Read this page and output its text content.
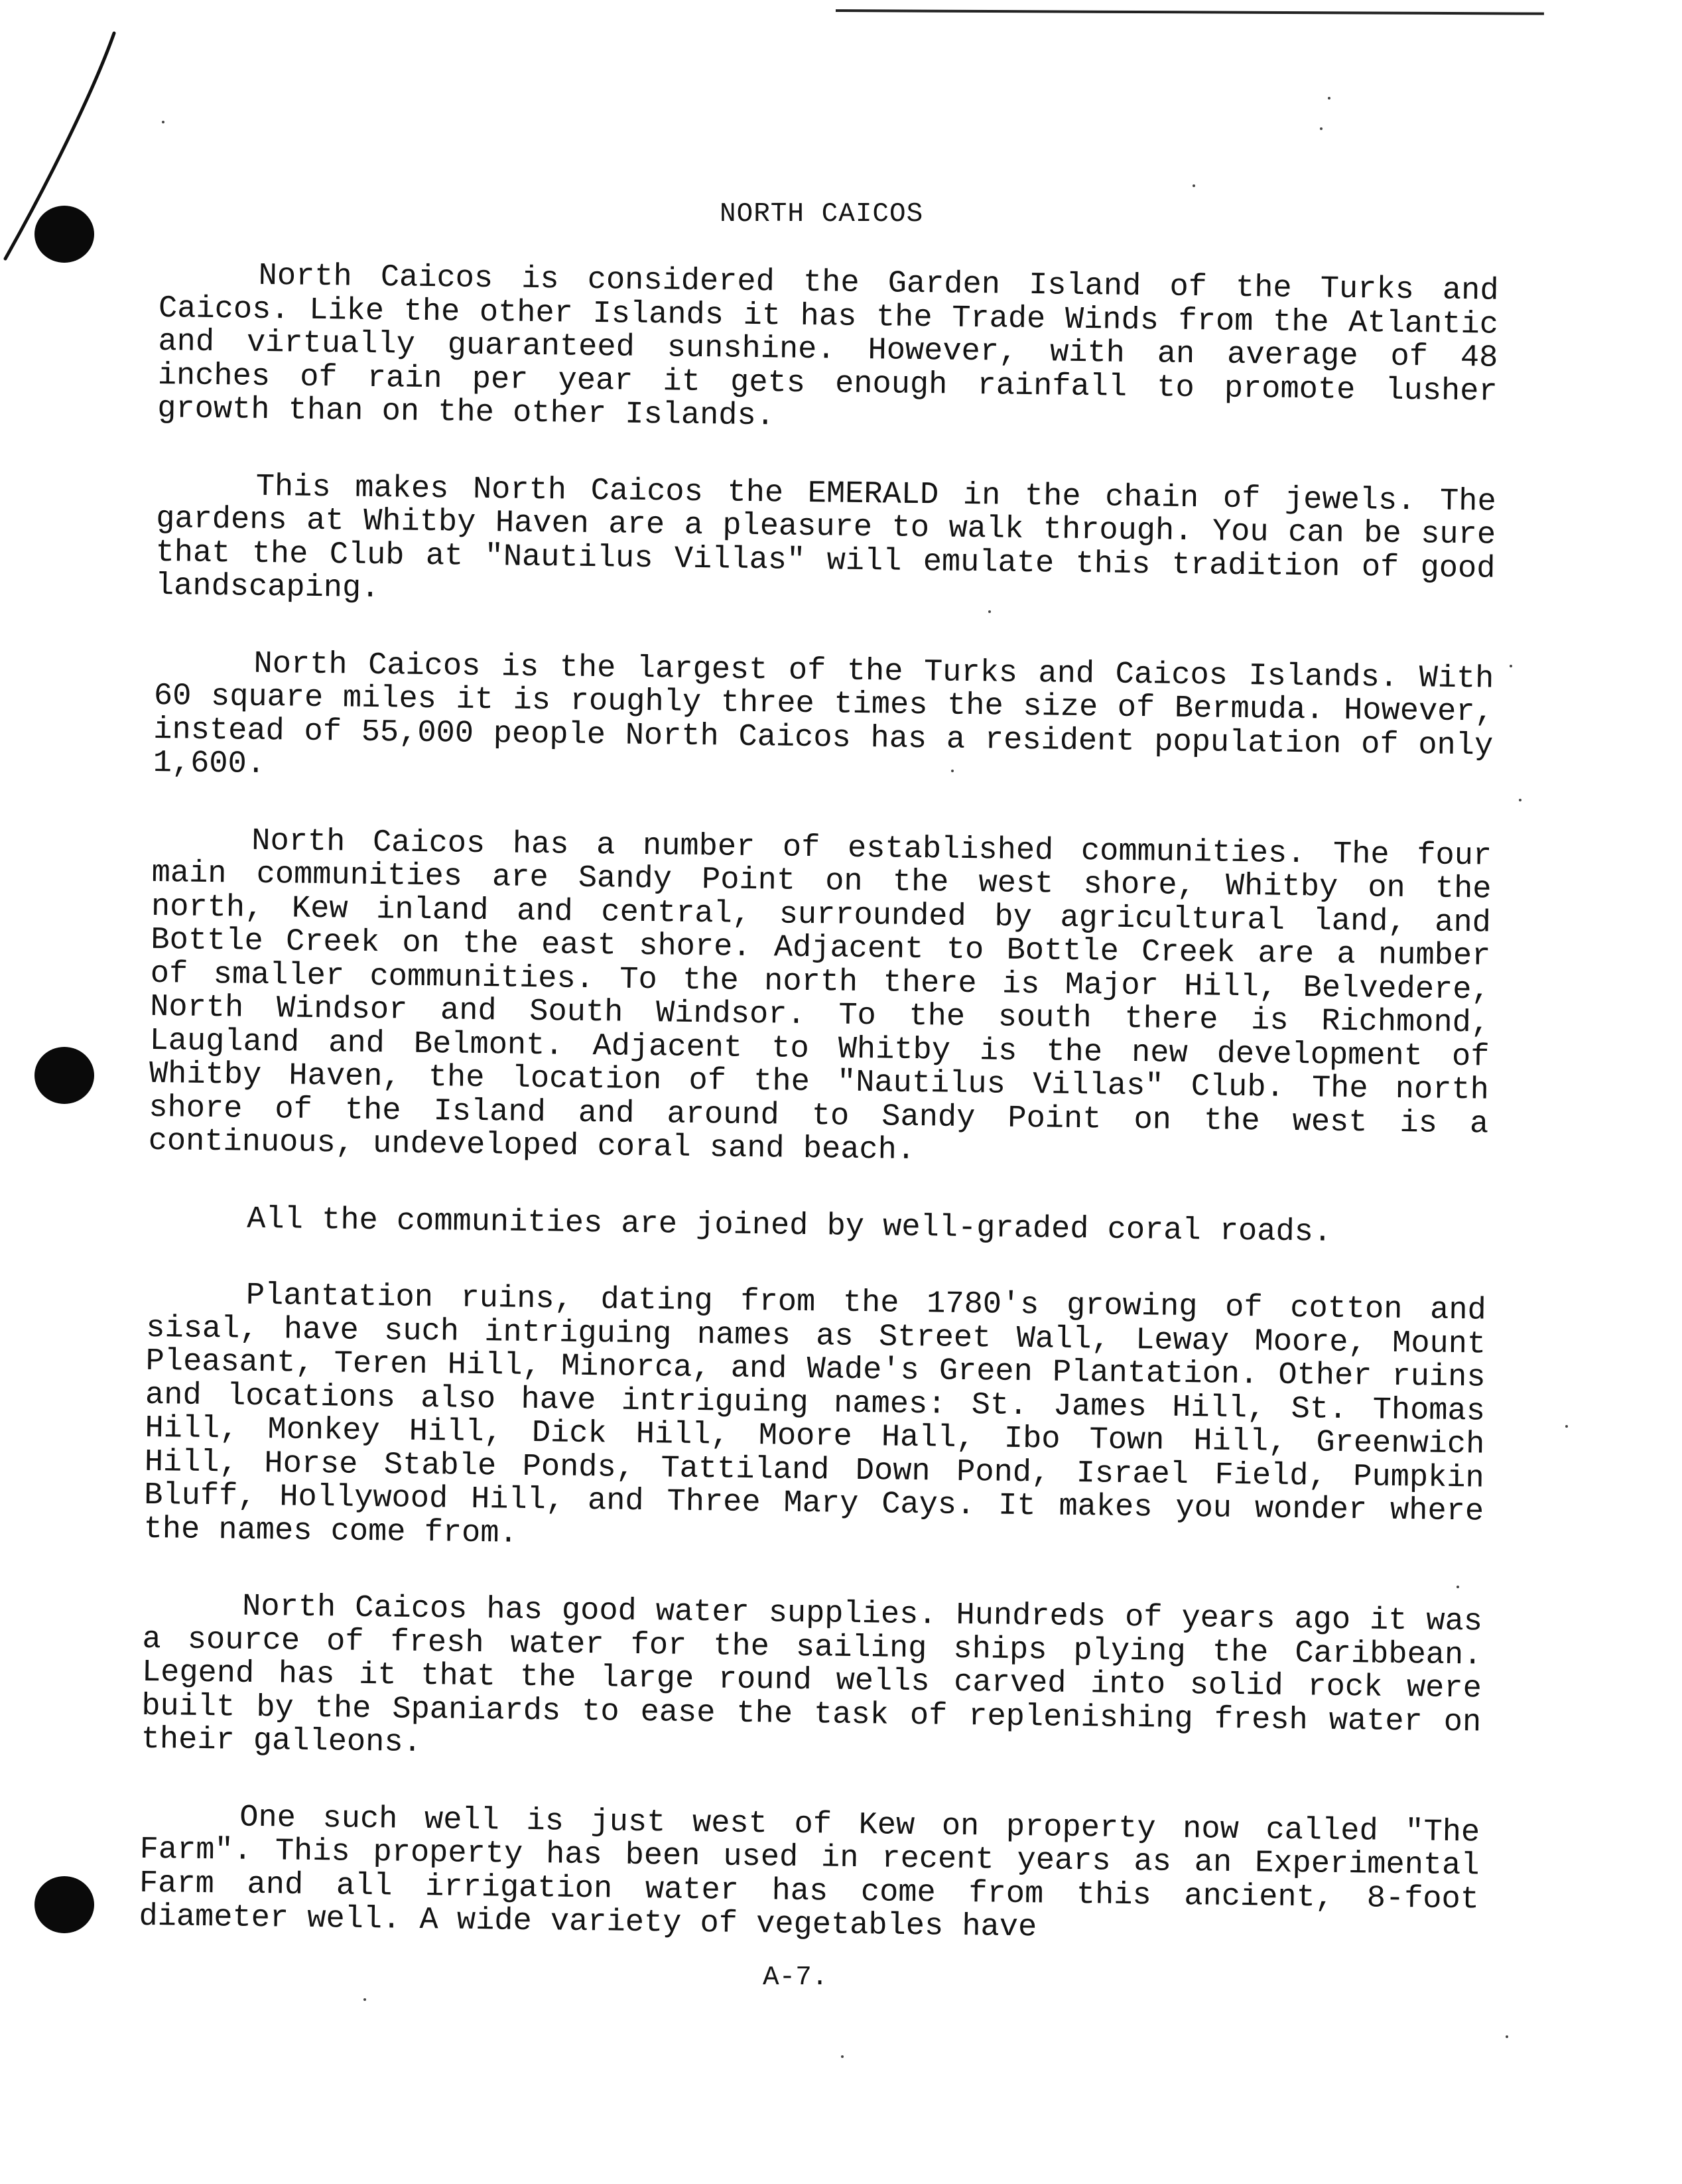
NORTH CAICOS

North Caicos is considered the Garden Island of the Turks and Caicos. Like the other Islands it has the Trade Winds from the Atlantic and virtually guaranteed sunshine. However, with an average of 48 inches of rain per year it gets enough rainfall to promote lusher growth than on the other Islands.

This makes North Caicos the EMERALD in the chain of jewels. The gardens at Whitby Haven are a pleasure to walk through. You can be sure that the Club at "Nautilus Villas" will emulate this tradition of good landscaping.

North Caicos is the largest of the Turks and Caicos Islands. With 60 square miles it is roughly three times the size of Bermuda. However, instead of 55,000 people North Caicos has a resident population of only 1,600.

North Caicos has a number of established communities. The four main communities are Sandy Point on the west shore, Whitby on the north, Kew inland and central, surrounded by agricultural land, and Bottle Creek on the east shore. Adjacent to Bottle Creek are a number of smaller communities. To the north there is Major Hill, Belvedere, North Windsor and South Windsor. To the south there is Richmond, Laugland and Belmont. Adjacent to Whitby is the new development of Whitby Haven, the location of the "Nautilus Villas" Club. The north shore of the Island and around to Sandy Point on the west is a continuous, undeveloped coral sand beach.

All the communities are joined by well-graded coral roads.

Plantation ruins, dating from the 1780's growing of cotton and sisal, have such intriguing names as Street Wall, Leway Moore, Mount Pleasant, Teren Hill, Minorca, and Wade's Green Plantation. Other ruins and locations also have intriguing names: St. James Hill, St. Thomas Hill, Monkey Hill, Dick Hill, Moore Hall, Ibo Town Hill, Greenwich Hill, Horse Stable Ponds, Tattiland Down Pond, Israel Field, Pumpkin Bluff, Hollywood Hill, and Three Mary Cays. It makes you wonder where the names come from.

North Caicos has good water supplies. Hundreds of years ago it was a source of fresh water for the sailing ships plying the Caribbean. Legend has it that the large round wells carved into solid rock were built by the Spaniards to ease the task of replenishing fresh water on their galleons.

One such well is just west of Kew on property now called "The Farm". This property has been used in recent years as an Experimental Farm and all irrigation water has come from this ancient, 8-foot diameter well. A wide variety of vegetables have

A-7.
